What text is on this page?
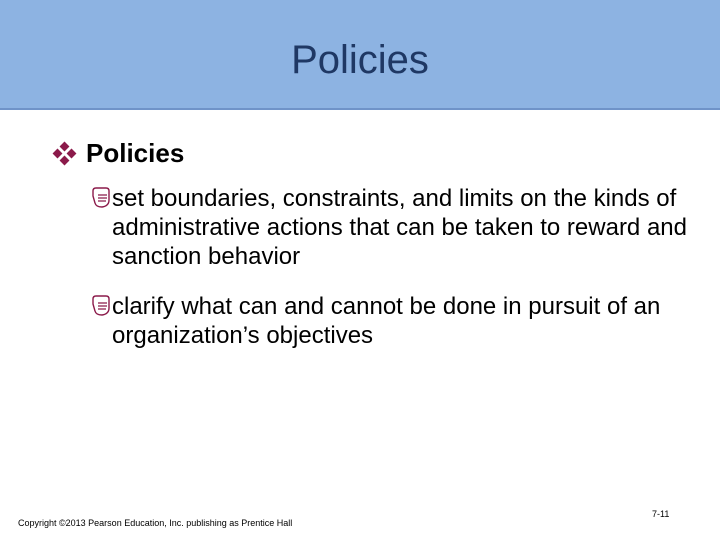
Policies
Policies
set boundaries, constraints, and limits on the kinds of administrative actions that can be taken to reward and sanction behavior
clarify what can and cannot be done in pursuit of an organization’s objectives
Copyright ©2013 Pearson Education, Inc. publishing as Prentice Hall
7-11
